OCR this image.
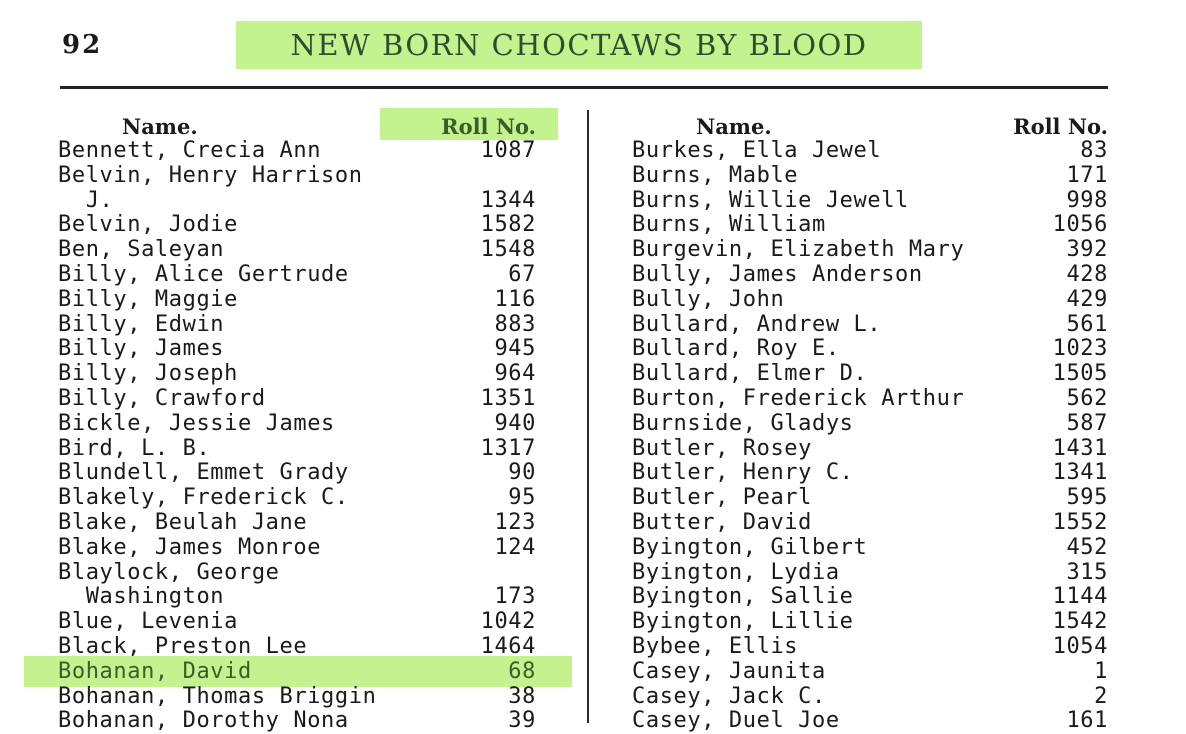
92	NEW BORN CHOCTAWS BY BLOOD
Name.	Roll No.
Bennett, Crecia Ann	1087
Belvin, Henry Harrison
J.	1344
Belvin, Jodie	1582
Ben, Saleyan	1548
Billy, Alice Gertrude	67
Billy, Maggie	116
Billy, Edwin	883
Billy, James	945
Billy, Joseph	964
Billy, Crawford	1351
Bickle, Jessie James	940
Bird, L. B.	1317
Blundell, Emmet Grady	90
Blakely, Frederick C.	95
Blake, Beulah Jane	123
Blake, James Monroe	124
Blaylock, George
Washington	173
Blue, Levenia	1042
Black, Preston Lee	1464
Bohanan, David	68
Bohanan, Thomas Briggin	38
Bohanan, Dorothy Nona	39
Name.	Roll No.
Burkes, Ella Jewel	83
Burns, Mable	171
Burns, Willie Jewell	998
Burns, William	1056
Burgevin, Elizabeth Mary	392
Bully, James Anderson	428
Bully, John	429
Bullard, Andrew L.	561
Bullard, Roy E.	1023
Bullard, Elmer D.	1505
Burton, Frederick Arthur	562
Burnside, Gladys	587
Butler, Rosey	1431
Butler, Henry C.	1341
Butler, Pearl	595
Butter, David	1552
Byington, Gilbert	452
Byington, Lydia	315
Byington, Sallie	1144
Byington, Lillie	1542
Bybee, Ellis	1054
Casey, Jaunita	1
Casey, Jack C.	2
Casey, Duel Joe	161
